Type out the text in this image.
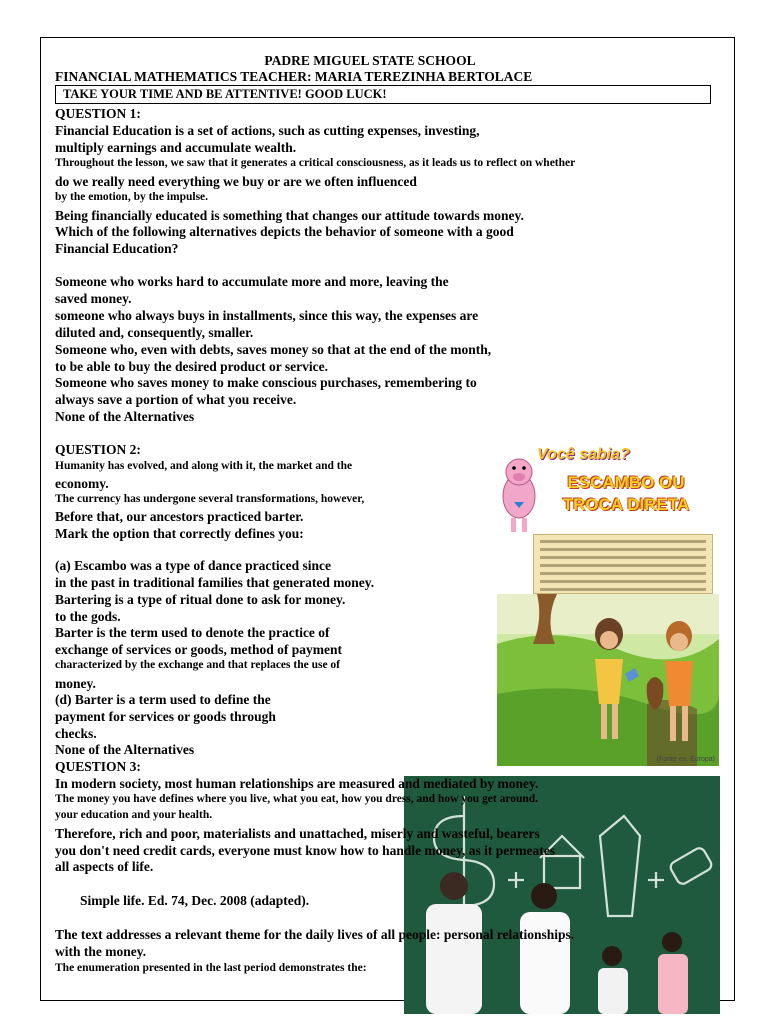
PADRE MIGUEL STATE SCHOOL
FINANCIAL MATHEMATICS TEACHER: MARIA TEREZINHA BERTOLACE
TAKE YOUR TIME AND BE ATTENTIVE! GOOD LUCK!
QUESTION 1:
Financial Education is a set of actions, such as cutting expenses, investing,
multiply earnings and accumulate wealth.
Throughout the lesson, we saw that it generates a critical consciousness, as it leads us to reflect on whether
do we really need everything we buy or are we often influenced
by the emotion, by the impulse.
Being financially educated is something that changes our attitude towards money.
Which of the following alternatives depicts the behavior of someone with a good
Financial Education?
Someone who works hard to accumulate more and more, leaving the
saved money.
someone who always buys in installments, since this way, the expenses are
diluted and, consequently, smaller.
Someone who, even with debts, saves money so that at the end of the month,
to be able to buy the desired product or service.
Someone who saves money to make conscious purchases, remembering to
always save a portion of what you receive.
None of the Alternatives
QUESTION 2:
Humanity has evolved, and along with it, the market and the
economy.
The currency has undergone several transformations, however,
Before that, our ancestors practiced barter.
Mark the option that correctly defines you:
(a) Escambo was a type of dance practiced since
in the past in traditional families that generated money.
Bartering is a type of ritual done to ask for money.
to the gods.
Barter is the term used to denote the practice of
exchange of services or goods, method of payment
characterized by the exchange and that replaces the use of
money.
(d) Barter is a term used to define the
payment for services or goods through
checks.
None of the Alternatives
Você sabia?
ESCAMBO OU
TROCA DIRETA
(Fonte ex. Europa)
QUESTION 3:
In modern society, most human relationships are measured and mediated by money.
The money you have defines where you live, what you eat, how you dress, and how you get around.
your education and your health.
Therefore, rich and poor, materialists and unattached, miserly and wasteful, bearers
you don't need credit cards, everyone must know how to handle money, as it permeates
all aspects of life.
Simple life. Ed. 74, Dec. 2008 (adapted).
The text addresses a relevant theme for the daily lives of all people: personal relationships.
with the money.
The enumeration presented in the last period demonstrates the:
